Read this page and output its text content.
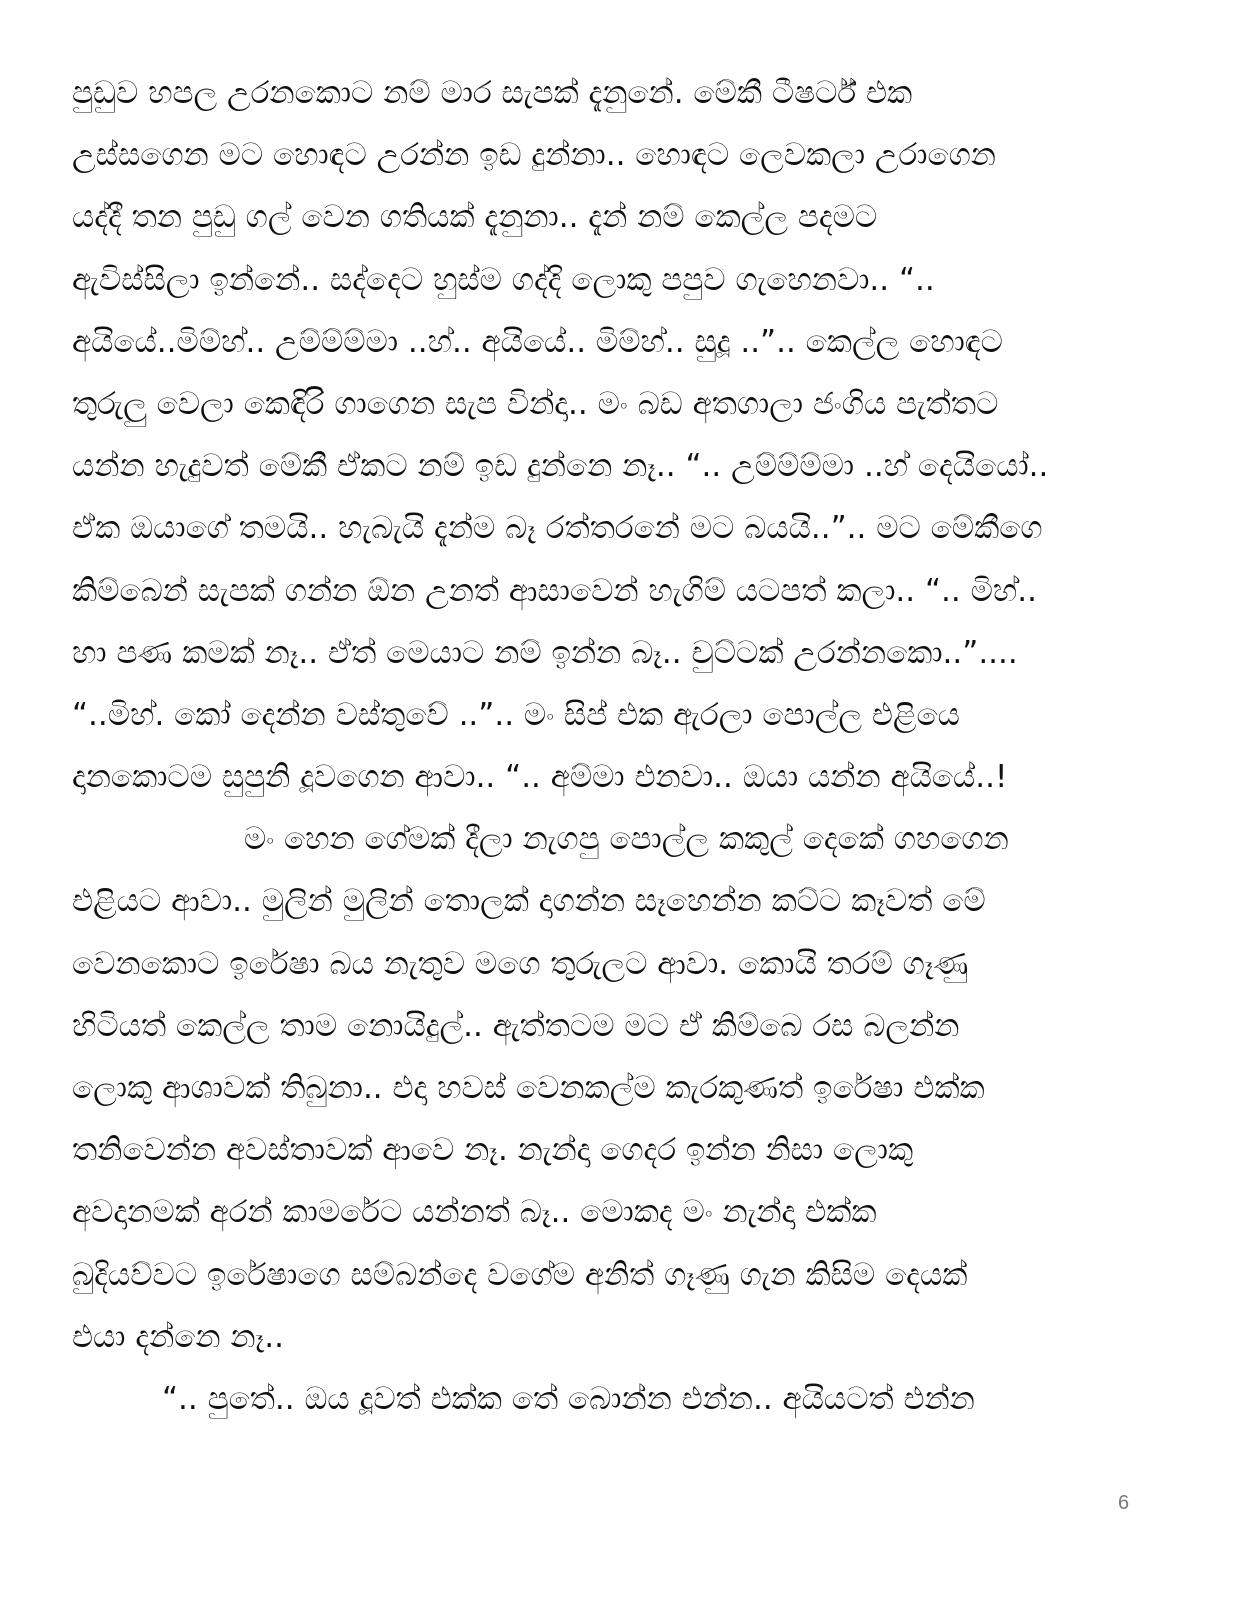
පුඩුව හපල උරනකොට නම් මාර සැපක් දැනුනේ. මේකී ටීෂර්ට් එක
උස්සගෙන මට හොඳට උරන්න ඉඩ දුන්නා.. හොඳට ලෙවකලා උරාගෙන
යද්දී තන පුඩු ගල් වෙන ගතියක් දැනුනා.. දැන් නම් කෙල්ල පදමට
ඇවිස්සිලා ඉන්නේ.. සද්දෙට හුස්ම ගද්දි ලොකු පපුව ගැහෙනවා.. “..
අයියේ..මිම්හ්.. උම්ම්ම්මා ..හ්.. අයියේ.. මිම්හ්.. සුදූ ..”.. කෙල්ල හොඳට
තුරුලු වෙලා කෙඳිරි ගාගෙන සැප වින්දා.. මං බඩ අතගාලා ජංගිය පැත්තට
යන්න හැදුවත් මේකී ඒකට නම් ඉඩ දුන්නෙ නෑ.. “.. උම්ම්ම්මා ..හ් දෙයියෝ..
ඒක ඔයාගේ තමයි.. හැබැයි දැන්ම බෑ රත්තරනේ මට බයයි..”.. මට මේකීගෙ
කිම්බෙන් සැපක් ගන්න ඕන උනත් ආසාවෙන් හැගිම් යටපත් කලා.. “.. මිහ්..
හා පණ කමක් නෑ.. ඒත් මෙයාට නම් ඉන්න බෑ.. චුට්ටක් උරන්නකො..”....
“..මිහ්. කෝ දෙන්න වස්තුවේ ..”.. මං සිප් එක ඇරලා පොල්ල එළියෙ
දානකොටම සුපුනි දූවගෙන ආවා.. “.. අම්මා එනවා.. ඔයා යන්න අයියේ..!
මං හෙන ගේමක් දීලා නැගපු පොල්ල කකුල් දෙකේ ගහගෙන
එළියට ආවා.. මුලින් මුලින් තොලක් දාගන්න සෑහෙන්න කට්ට කෑවත් මේ
වෙනකොට ඉරේෂා බය නැතුව මගෙ තුරුලට ආවා. කොයි තරම් ගෑණු
හිටියත් කෙල්ල තාම නොයිදුල්.. ඇත්තටම මට ඒ කිම්බෙ රස බලන්න
ලොකු ආශාවක් තිබුනා.. එදා හවස් වෙනකල්ම කැරකුණත් ඉරේෂා එක්ක
තනිවෙන්න අවස්තාවක් ආවෙ නෑ. නැන්දා ගෙදර ඉන්න නිසා ලොකු
අවදානමක් අරන් කාමරේට යන්නත් බෑ.. මොකද මං නැන්දා එක්ක
බුදියව්වට ඉරේෂාගෙ සම්බන්දෙ වගේම අනිත් ගෑණු ගැන කිසිම දෙයක්
එයා දන්නෙ නෑ..
“.. පුතේ.. ඔය දූවත් එක්ක තේ බොන්න එන්න.. අයියටත් එන්න
6
